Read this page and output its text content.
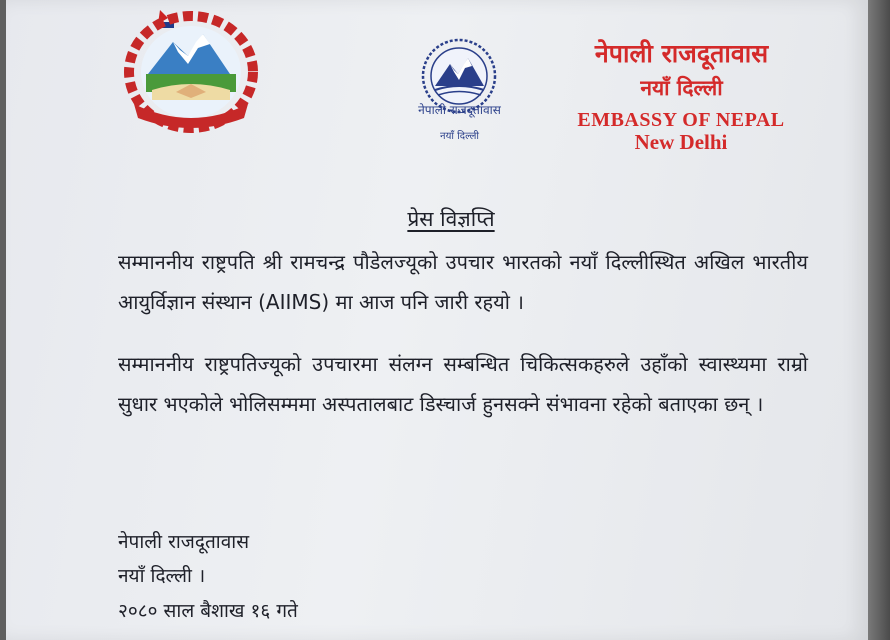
नेपाली राजदूतावास
नयाँ दिल्ली
नेपाली राजदूतावास
नयाँ दिल्ली
EMBASSY OF NEPAL
New Delhi
प्रेस विज्ञप्ति
सम्माननीय राष्ट्रपति श्री रामचन्द्र पौडेलज्यूको उपचार भारतको नयाँ दिल्लीस्थित अखिल भारतीय आयुर्विज्ञान संस्थान (AIIMS) मा आज पनि जारी रहयो ।
सम्माननीय राष्ट्रपतिज्यूको उपचारमा संलग्न सम्बन्धित चिकित्सकहरुले उहाँको स्वास्थ्यमा राम्रो सुधार भएकोले भोलिसम्ममा अस्पतालबाट डिस्चार्ज हुनसक्ने संभावना रहेको बताएका छन् ।
नेपाली राजदूतावास
नयाँ दिल्ली ।
२०८० साल बैशाख १६ गते
